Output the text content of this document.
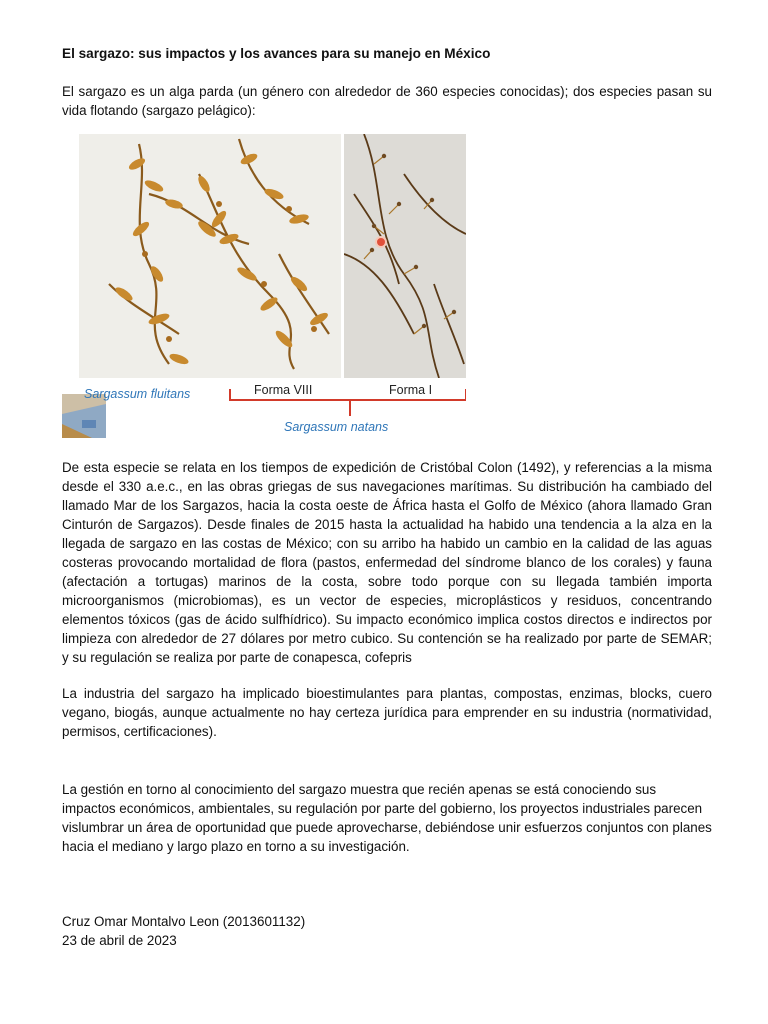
El sargazo: sus impactos y los avances para su manejo en México

El sargazo es un alga parda (un género con alrededor de 360 especies conocidas); dos especies pasan su vida flotando (sargazo pelágico):

Sargassum fluitans	Forma VIII	Forma I
Sargassum natans

De esta especie se relata en los tiempos de expedición de Cristóbal Colon (1492), y referencias a la misma desde el 330 a.e.c., en las obras griegas de sus navegaciones marítimas. Su distribución ha cambiado del llamado Mar de los Sargazos, hacia la costa oeste de África hasta el Golfo de México (ahora llamado Gran Cinturón de Sargazos). Desde finales de 2015 hasta la actualidad ha habido una tendencia a la alza en la llegada de sargazo en las costas de México; con su arribo ha habido un cambio en la calidad de las aguas costeras provocando mortalidad de flora (pastos, enfermedad del síndrome blanco de los corales) y fauna (afectación a tortugas) marinos de la costa, sobre todo porque con su llegada también importa microorganismos (microbiomas), es un vector de especies, microplásticos y residuos, concentrando elementos tóxicos (gas de ácido sulfhídrico). Su impacto económico implica costos directos e indirectos por limpieza con alrededor de 27 dólares por metro cubico. Su contención se ha realizado por parte de SEMAR; y su regulación se realiza por parte de conapesca, cofepris

La industria del sargazo ha implicado bioestimulantes para plantas, compostas, enzimas, blocks, cuero vegano, biogás, aunque actualmente no hay certeza jurídica para emprender en su industria (normatividad, permisos, certificaciones).

La gestión en torno al conocimiento del sargazo muestra que recién apenas se está conociendo sus impactos económicos, ambientales, su regulación por parte del gobierno, los proyectos industriales parecen vislumbrar un área de oportunidad que puede aprovecharse, debiéndose unir esfuerzos conjuntos con planes hacia el mediano y largo plazo en torno a su investigación.

Cruz Omar Montalvo Leon (2013601132)
23 de abril de 2023
